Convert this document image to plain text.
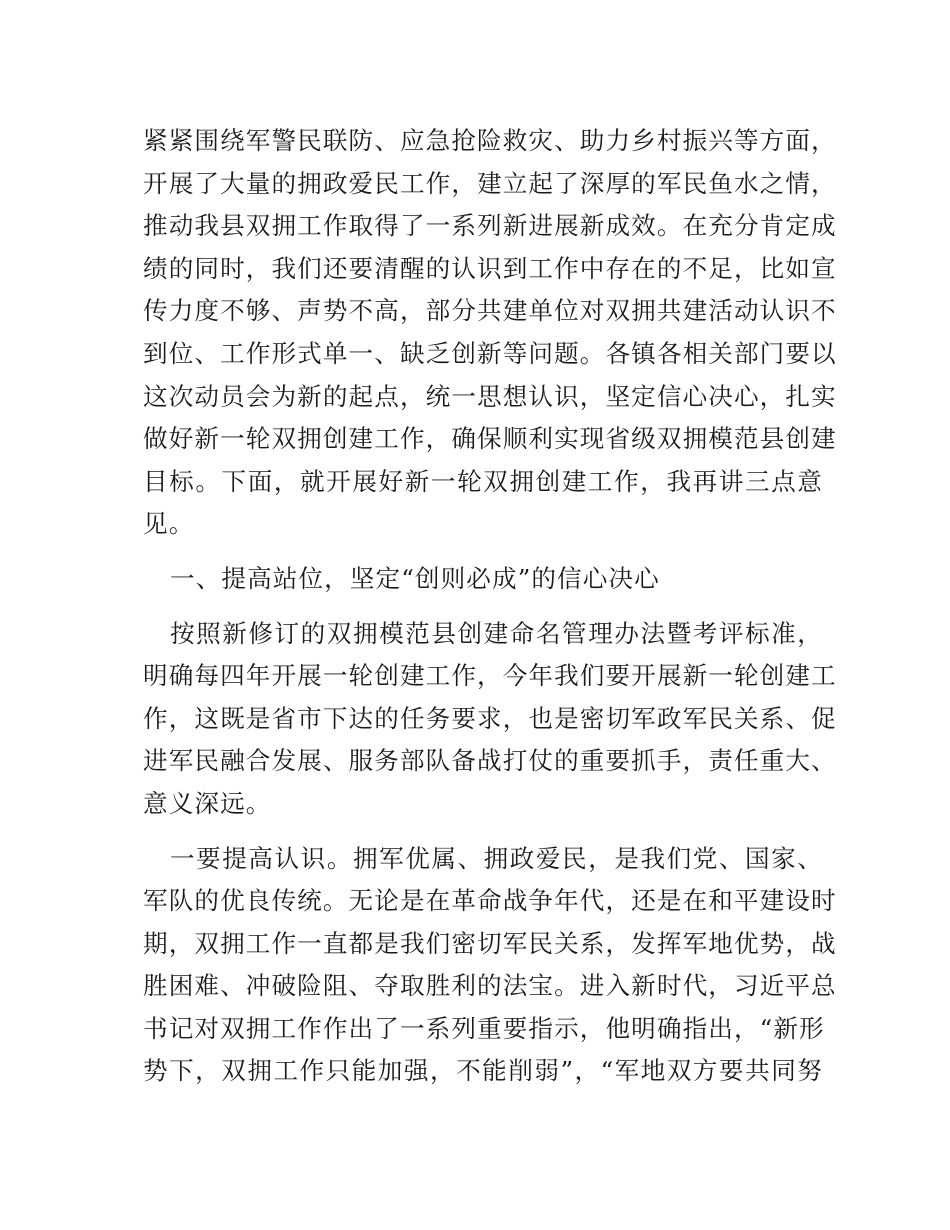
紧紧围绕军警民联防、应急抢险救灾、助力乡村振兴等方面，
开展了大量的拥政爱民工作，建立起了深厚的军民鱼水之情，
推动我县双拥工作取得了一系列新进展新成效。在充分肯定成
绩的同时，我们还要清醒的认识到工作中存在的不足，比如宣
传力度不够、声势不高，部分共建单位对双拥共建活动认识不
到位、工作形式单一、缺乏创新等问题。各镇各相关部门要以
这次动员会为新的起点，统一思想认识，坚定信心决心，扎实
做好新一轮双拥创建工作，确保顺利实现省级双拥模范县创建
目标。下面，就开展好新一轮双拥创建工作，我再讲三点意
见。
一、提高站位，坚定“创则必成”的信心决心
按照新修订的双拥模范县创建命名管理办法暨考评标准，
明确每四年开展一轮创建工作，今年我们要开展新一轮创建工
作，这既是省市下达的任务要求，也是密切军政军民关系、促
进军民融合发展、服务部队备战打仗的重要抓手，责任重大、
意义深远。
一要提高认识。拥军优属、拥政爱民，是我们党、国家、
军队的优良传统。无论是在革命战争年代，还是在和平建设时
期，双拥工作一直都是我们密切军民关系，发挥军地优势，战
胜困难、冲破险阻、夺取胜利的法宝。进入新时代，习近平总
书记对双拥工作作出了一系列重要指示，他明确指出，“新形
势下，双拥工作只能加强，不能削弱”，“军地双方要共同努
